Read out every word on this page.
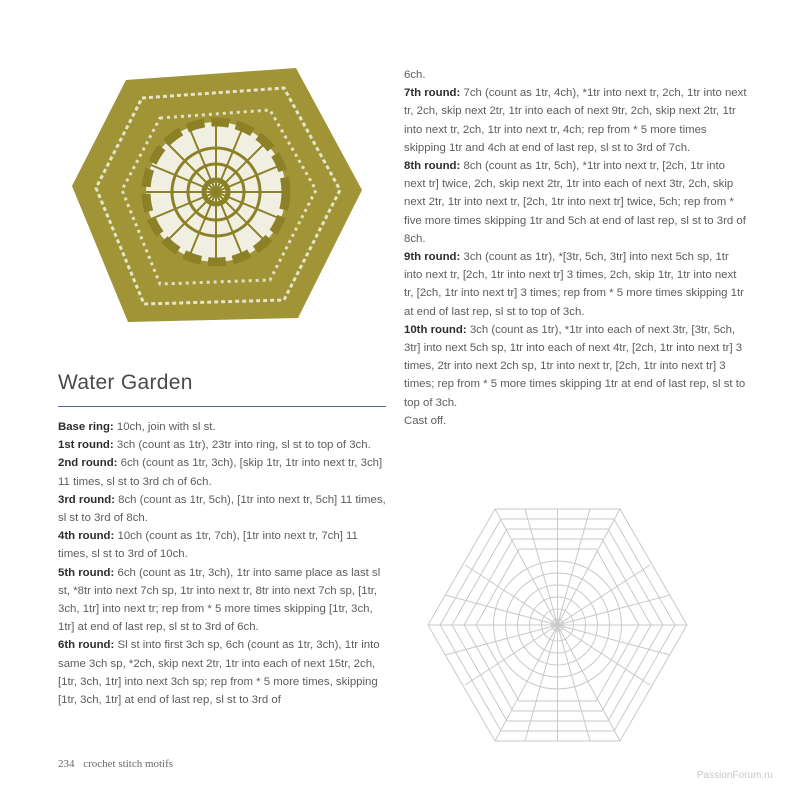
Water Garden

Base ring: 10ch, join with sl st.

1st round: 3ch (count as 1tr), 23tr into ring, sl st to top of 3ch.

2nd round: 6ch (count as 1tr, 3ch), [skip 1tr, 1tr into next tr, 3ch] 11 times, sl st to 3rd ch of 6ch.

3rd round: 8ch (count as 1tr, 5ch), [1tr into next tr, 5ch] 11 times, sl st to 3rd of 8ch.

4th round: 10ch (count as 1tr, 7ch), [1tr into next tr, 7ch] 11 times, sl st to 3rd of 10ch.

5th round: 6ch (count as 1tr, 3ch), 1tr into same place as last sl st, *8tr into next 7ch sp, 1tr into next tr, 8tr into next 7ch sp, [1tr, 3ch, 1tr] into next tr; rep from * 5 more times skipping [1tr, 3ch, 1tr] at end of last rep, sl st to 3rd of 6ch.

6th round: Sl st into first 3ch sp, 6ch (count as 1tr, 3ch), 1tr into same 3ch sp, *2ch, skip next 2tr, 1tr into each of next 15tr, 2ch, [1tr, 3ch, 1tr] into next 3ch sp; rep from * 5 more times, skipping [1tr, 3ch, 1tr] at end of last rep, sl st to 3rd of

6ch.

7th round: 7ch (count as 1tr, 4ch), *1tr into next tr, 2ch, 1tr into next tr, 2ch, skip next 2tr, 1tr into each of next 9tr, 2ch, skip next 2tr, 1tr into next tr, 2ch, 1tr into next tr, 4ch; rep from * 5 more times skipping 1tr and 4ch at end of last rep, sl st to 3rd of 7ch.

8th round: 8ch (count as 1tr, 5ch), *1tr into next tr, [2ch, 1tr into next tr] twice, 2ch, skip next 2tr, 1tr into each of next 3tr, 2ch, skip next 2tr, 1tr into next tr, [2ch, 1tr into next tr] twice, 5ch; rep from * five more times skipping 1tr and 5ch at end of last rep, sl st to 3rd of 8ch.

9th round: 3ch (count as 1tr), *[3tr, 5ch, 3tr] into next 5ch sp, 1tr into next tr, [2ch, 1tr into next tr] 3 times, 2ch, skip 1tr, 1tr into next tr, [2ch, 1tr into next tr] 3 times; rep from * 5 more times skipping 1tr at end of last rep, sl st to top of 3ch.

10th round: 3ch (count as 1tr), *1tr into each of next 3tr, [3tr, 5ch, 3tr] into next 5ch sp, 1tr into each of next 4tr, [2ch, 1tr into next tr] 3 times, 2tr into next 2ch sp, 1tr into next tr, [2ch, 1tr into next tr] 3 times; rep from * 5 more times skipping 1tr at end of last rep, sl st to top of 3ch.

Cast off.

234 crochet stitch motifs
PassionForum.ru
